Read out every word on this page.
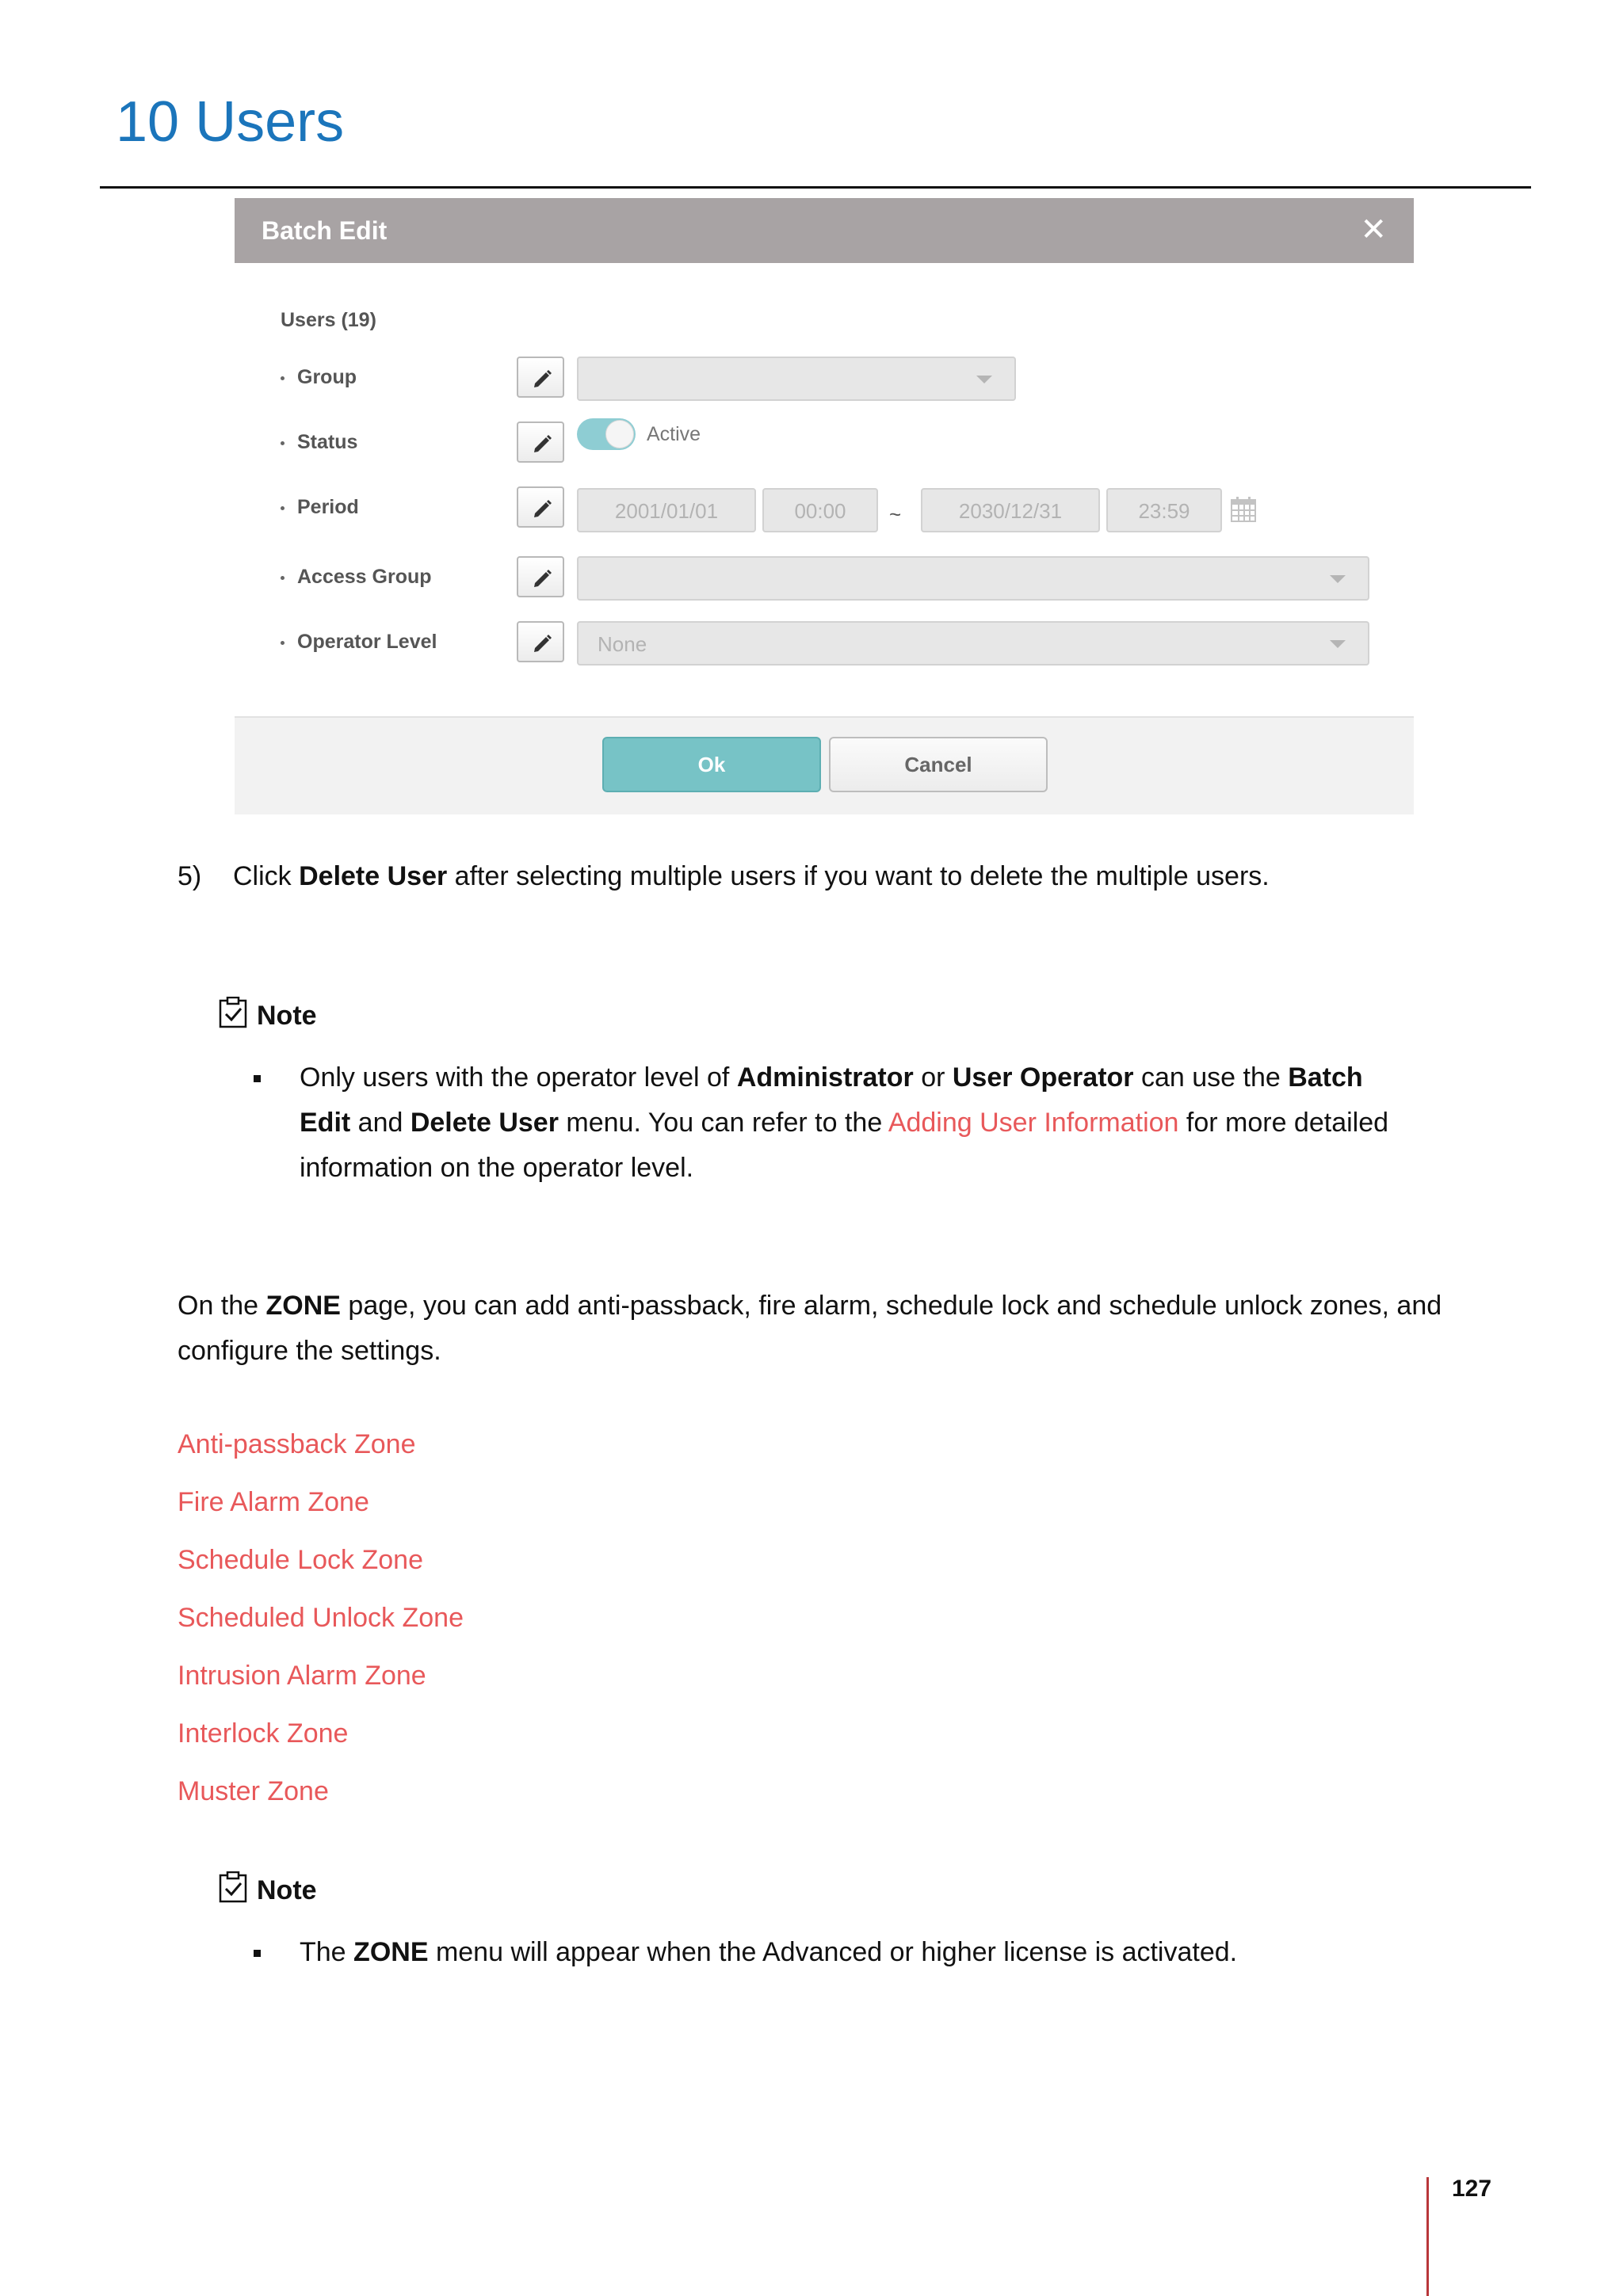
10 Users
Batch Edit	✕
Users (19)
Group
Status	Active
Period	2001/01/01	00:00	~	2030/12/31	23:59
Access Group
Operator Level	None
Ok	Cancel
5) Click Delete User after selecting multiple users if you want to delete the multiple users.
Note
Only users with the operator level of Administrator or User Operator can use the Batch
Edit and Delete User menu. You can refer to the Adding User Information for more detailed
information on the operator level.
On the ZONE page, you can add anti-passback, fire alarm, schedule lock and schedule unlock zones, and
configure the settings.
Anti-passback Zone
Fire Alarm Zone
Schedule Lock Zone
Scheduled Unlock Zone
Intrusion Alarm Zone
Interlock Zone
Muster Zone
Note
The ZONE menu will appear when the Advanced or higher license is activated.
127
